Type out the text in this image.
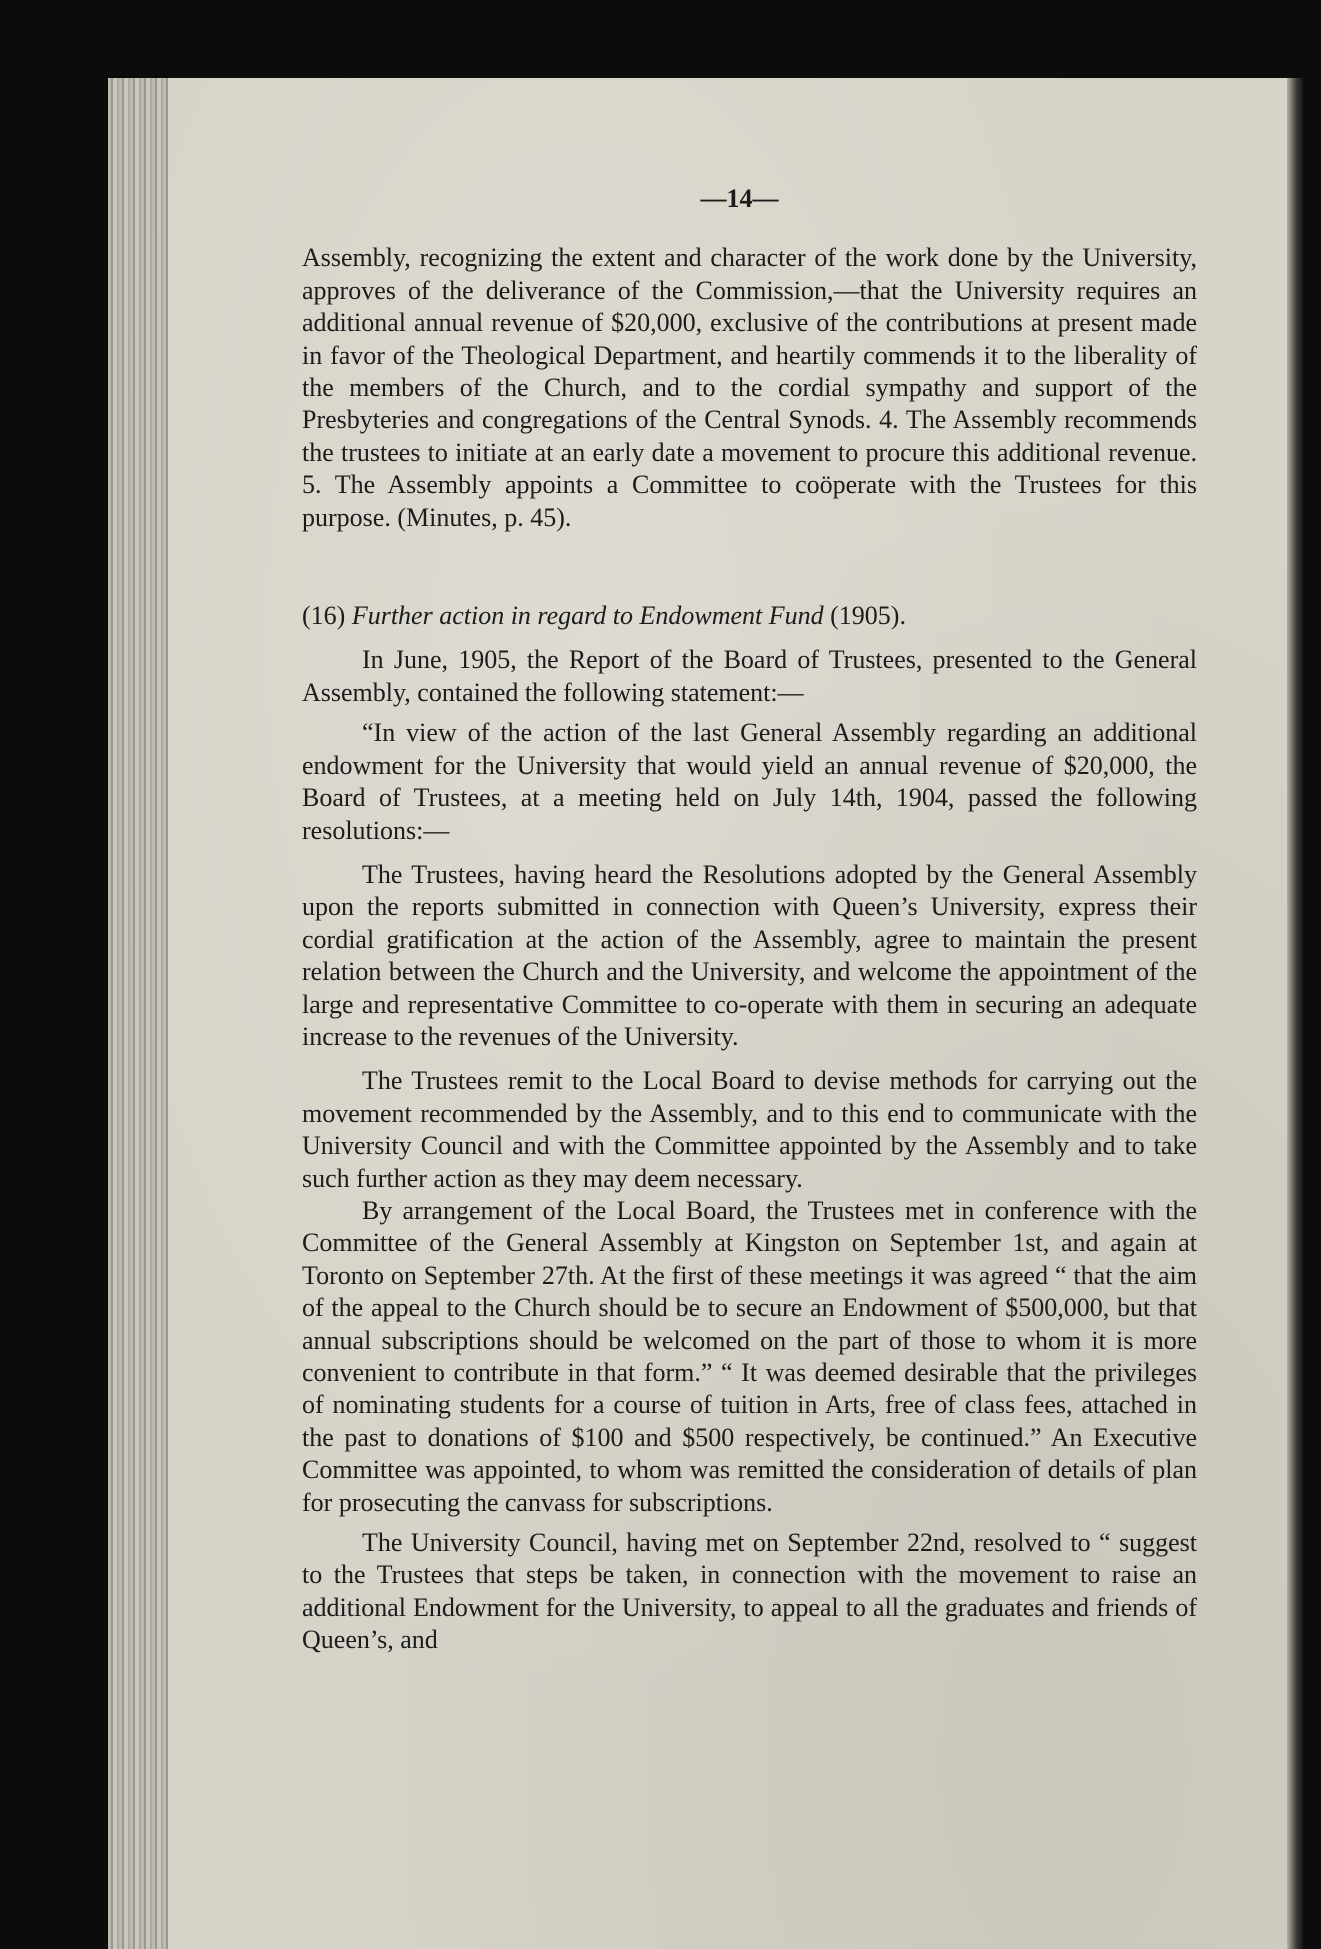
—14—

Assembly, recognizing the extent and character of the work done by the University, approves of the deliverance of the Commission,—that the University requires an additional annual revenue of $20,000, exclusive of the contributions at present made in favor of the Theological Department, and heartily commends it to the liberality of the members of the Church, and to the cordial sympathy and support of the Presbyteries and congregations of the Central Synods. 4. The Assembly recommends the trustees to initiate at an early date a movement to procure this additional revenue. 5. The Assembly appoints a Committee to coöperate with the Trustees for this purpose. (Minutes, p. 45).

(16) Further action in regard to Endowment Fund (1905).

In June, 1905, the Report of the Board of Trustees, presented to the General Assembly, contained the following statement:—

“In view of the action of the last General Assembly regarding an additional endowment for the University that would yield an annual revenue of $20,000, the Board of Trustees, at a meeting held on July 14th, 1904, passed the following resolutions:—

The Trustees, having heard the Resolutions adopted by the General Assembly upon the reports submitted in connection with Queen’s University, express their cordial gratification at the action of the Assembly, agree to maintain the present relation between the Church and the University, and welcome the appointment of the large and representative Committee to co-operate with them in securing an adequate increase to the revenues of the University.

The Trustees remit to the Local Board to devise methods for carrying out the movement recommended by the Assembly, and to this end to communicate with the University Council and with the Committee appointed by the Assembly and to take such further action as they may deem necessary.

By arrangement of the Local Board, the Trustees met in conference with the Committee of the General Assembly at Kingston on September 1st, and again at Toronto on September 27th. At the first of these meetings it was agreed “ that the aim of the appeal to the Church should be to secure an Endowment of $500,000, but that annual subscriptions should be welcomed on the part of those to whom it is more convenient to contribute in that form.” “ It was deemed desirable that the privileges of nominating students for a course of tuition in Arts, free of class fees, attached in the past to donations of $100 and $500 respectively, be continued.” An Executive Committee was appointed, to whom was remitted the consideration of details of plan for prosecuting the canvass for subscriptions.

The University Council, having met on September 22nd, resolved to “ suggest to the Trustees that steps be taken, in connection with the movement to raise an additional Endowment for the University, to appeal to all the graduates and friends of Queen’s, and
